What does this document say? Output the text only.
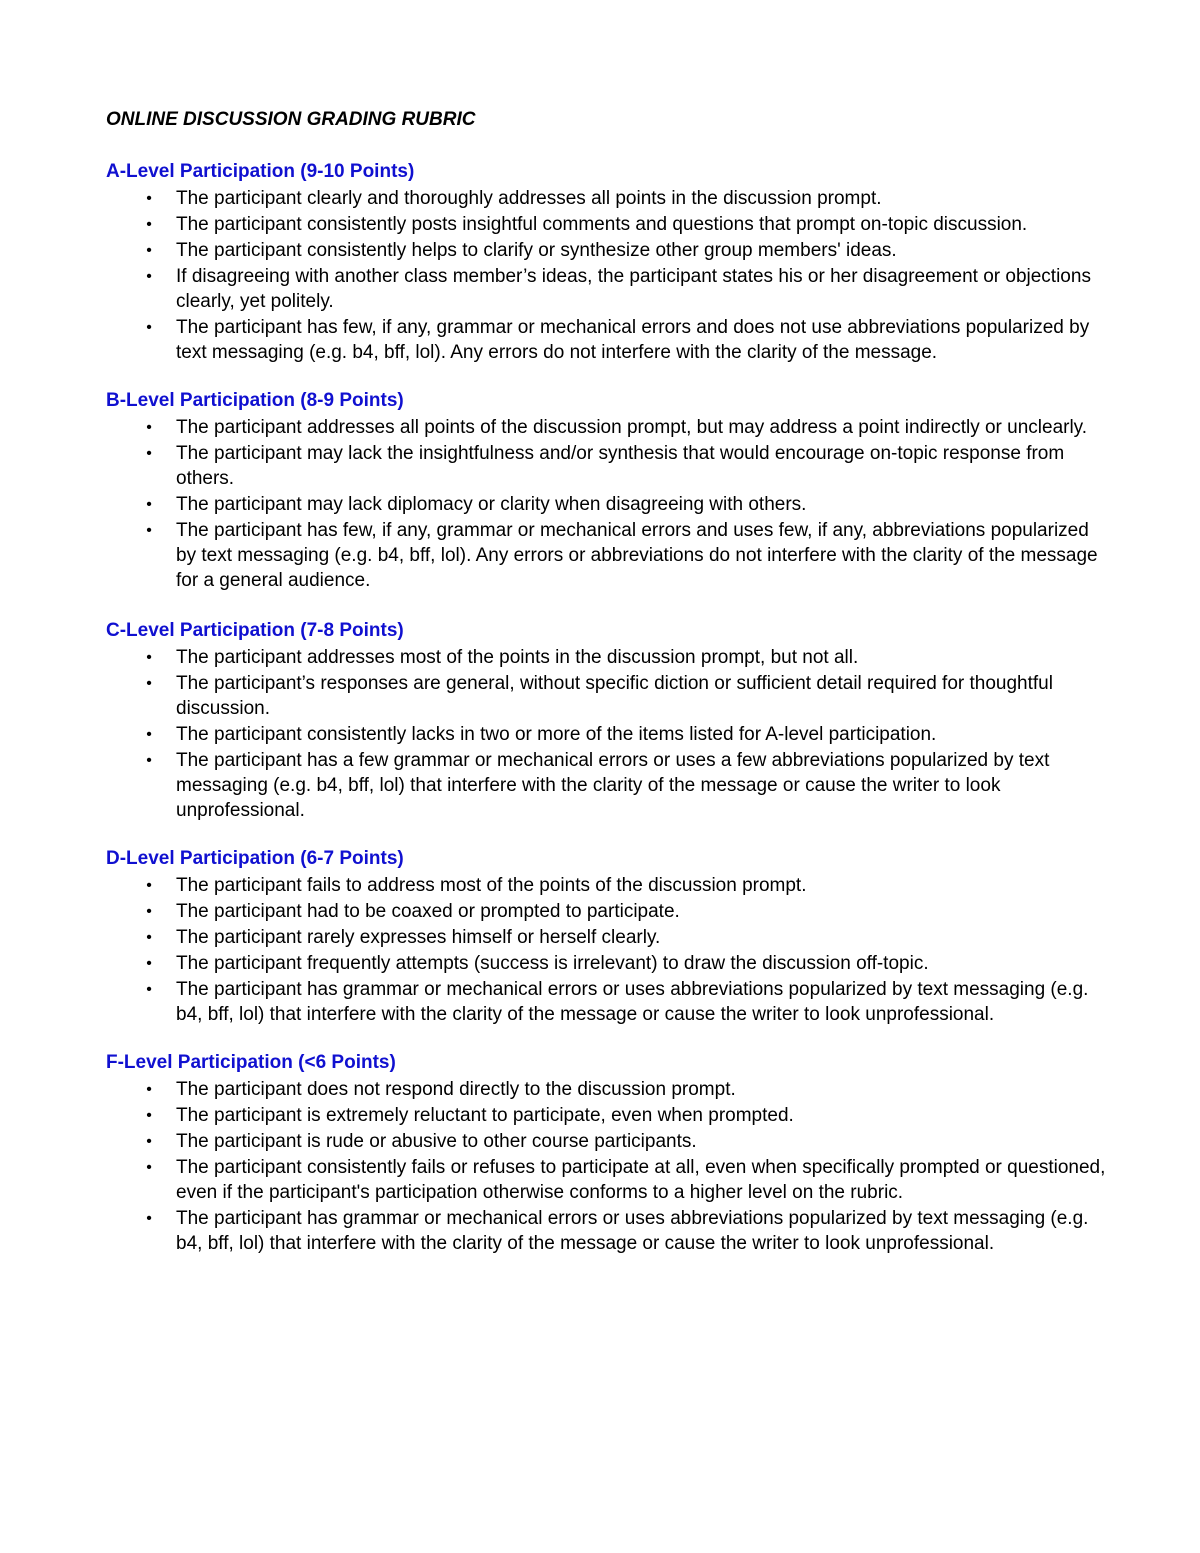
ONLINE DISCUSSION GRADING RUBRIC
A-Level Participation (9-10 Points)
• The participant clearly and thoroughly addresses all points in the discussion prompt.
• The participant consistently posts insightful comments and questions that prompt on-topic discussion.
• The participant consistently helps to clarify or synthesize other group members' ideas.
• If disagreeing with another class member’s ideas, the participant states his or her disagreement or objections clearly, yet politely.
• The participant has few, if any, grammar or mechanical errors and does not use abbreviations popularized by text messaging (e.g. b4, bff, lol). Any errors do not interfere with the clarity of the message.
B-Level Participation (8-9 Points)
• The participant addresses all points of the discussion prompt, but may address a point indirectly or unclearly.
• The participant may lack the insightfulness and/or synthesis that would encourage on-topic response from others.
• The participant may lack diplomacy or clarity when disagreeing with others.
• The participant has few, if any, grammar or mechanical errors and uses few, if any, abbreviations popularized by text messaging (e.g. b4, bff, lol). Any errors or abbreviations do not interfere with the clarity of the message for a general audience.
C-Level Participation (7-8 Points)
• The participant addresses most of the points in the discussion prompt, but not all.
• The participant’s responses are general, without specific diction or sufficient detail required for thoughtful discussion.
• The participant consistently lacks in two or more of the items listed for A-level participation.
• The participant has a few grammar or mechanical errors or uses a few abbreviations popularized by text messaging (e.g. b4, bff, lol) that interfere with the clarity of the message or cause the writer to look unprofessional.
D-Level Participation (6-7 Points)
• The participant fails to address most of the points of the discussion prompt.
• The participant had to be coaxed or prompted to participate.
• The participant rarely expresses himself or herself clearly.
• The participant frequently attempts (success is irrelevant) to draw the discussion off-topic.
• The participant has grammar or mechanical errors or uses abbreviations popularized by text messaging (e.g. b4, bff, lol) that interfere with the clarity of the message or cause the writer to look unprofessional.
F-Level Participation (<6 Points)
• The participant does not respond directly to the discussion prompt.
• The participant is extremely reluctant to participate, even when prompted.
• The participant is rude or abusive to other course participants.
• The participant consistently fails or refuses to participate at all, even when specifically prompted or questioned, even if the participant's participation otherwise conforms to a higher level on the rubric.
• The participant has grammar or mechanical errors or uses abbreviations popularized by text messaging (e.g. b4, bff, lol) that interfere with the clarity of the message or cause the writer to look unprofessional.
